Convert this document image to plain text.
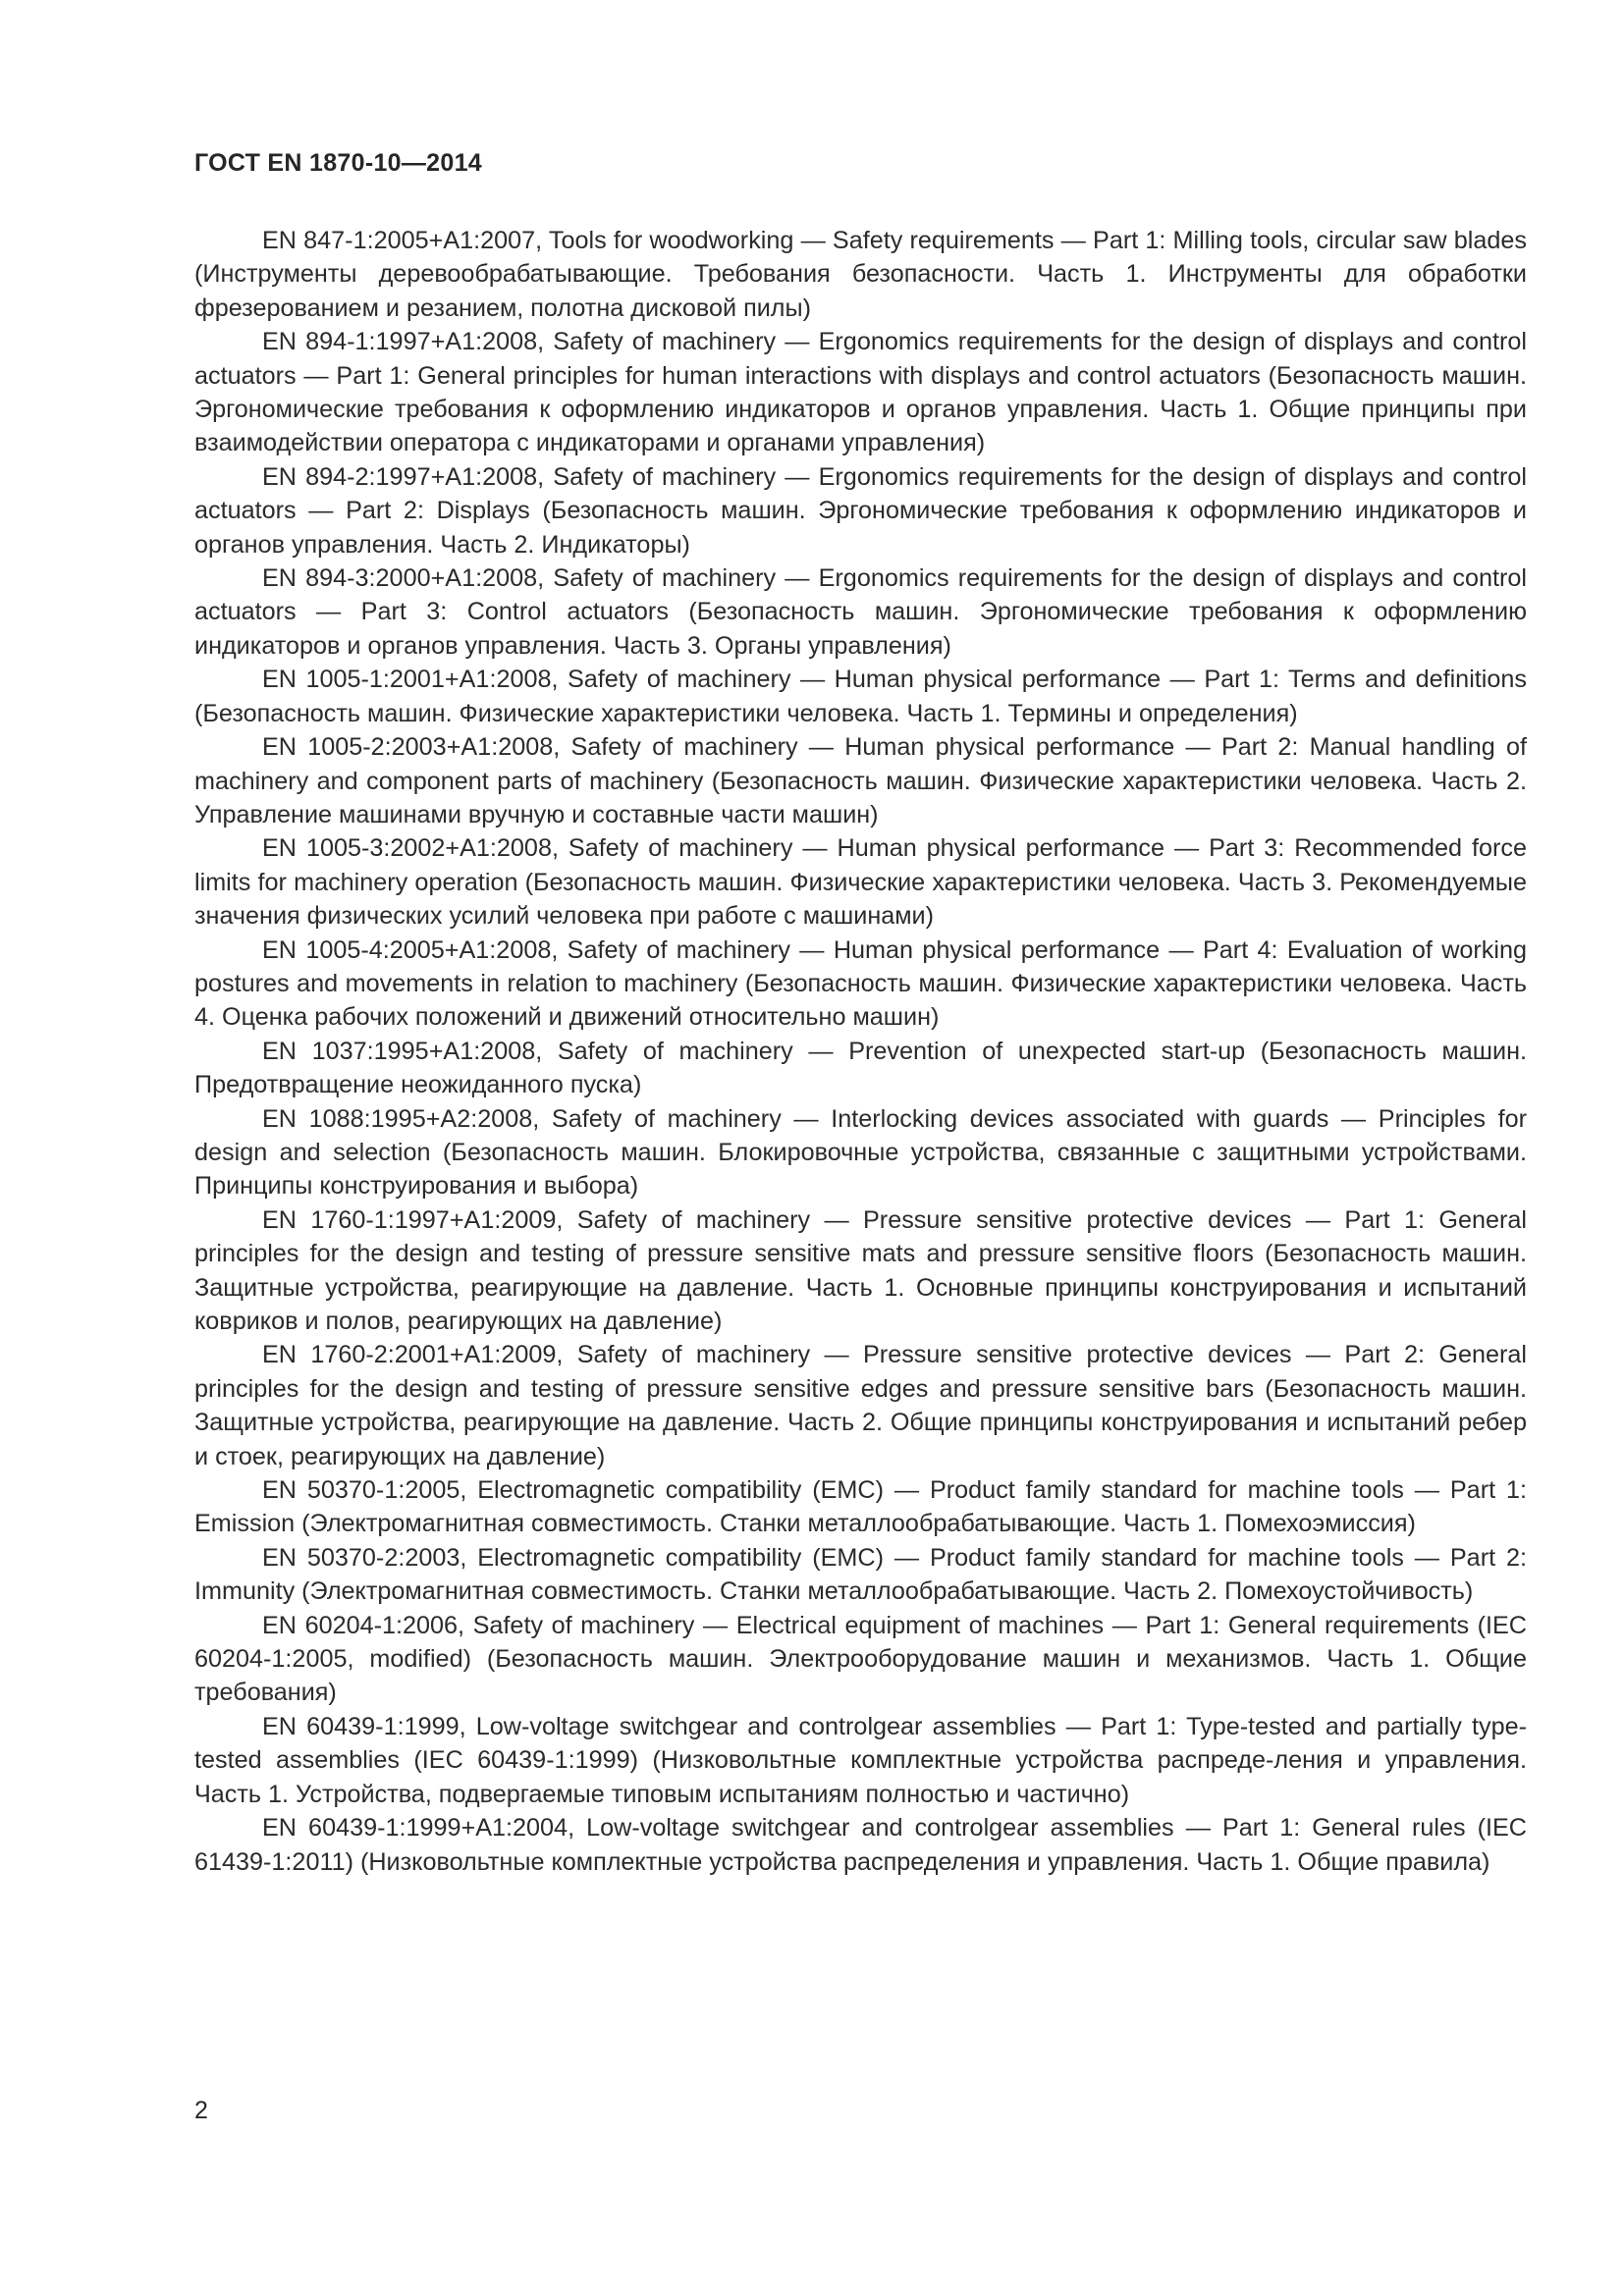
ГОСТ EN 1870-10—2014

EN 847-1:2005+A1:2007, Tools for woodworking — Safety requirements — Part 1: Milling tools, circular saw blades (Инструменты деревообрабатывающие. Требования безопасности. Часть 1. Инструменты для обработки фрезерованием и резанием, полотна дисковой пилы)

EN 894-1:1997+A1:2008, Safety of machinery — Ergonomics requirements for the design of displays and control actuators — Part 1: General principles for human interactions with displays and control actuators (Безопасность машин. Эргономические требования к оформлению индикаторов и органов управления. Часть 1. Общие принципы при взаимодействии оператора с индикаторами и органами управления)

EN 894-2:1997+A1:2008, Safety of machinery — Ergonomics requirements for the design of displays and control actuators — Part 2: Displays (Безопасность машин. Эргономические требования к оформлению индикаторов и органов управления. Часть 2. Индикаторы)

EN 894-3:2000+A1:2008, Safety of machinery — Ergonomics requirements for the design of displays and control actuators — Part 3: Control actuators (Безопасность машин. Эргономические требования к оформлению индикаторов и органов управления. Часть 3. Органы управления)

EN 1005-1:2001+A1:2008, Safety of machinery — Human physical performance — Part 1: Terms and definitions (Безопасность машин. Физические характеристики человека. Часть 1. Термины и определения)

EN 1005-2:2003+A1:2008, Safety of machinery — Human physical performance — Part 2: Manual handling of machinery and component parts of machinery (Безопасность машин. Физические характеристики человека. Часть 2. Управление машинами вручную и составные части машин)

EN 1005-3:2002+A1:2008, Safety of machinery — Human physical performance — Part 3: Recommended force limits for machinery operation (Безопасность машин. Физические характеристики человека. Часть 3. Рекомендуемые значения физических усилий человека при работе с машинами)

EN 1005-4:2005+A1:2008, Safety of machinery — Human physical performance — Part 4: Evaluation of working postures and movements in relation to machinery (Безопасность машин. Физические характеристики человека. Часть 4. Оценка рабочих положений и движений относительно машин)

EN 1037:1995+A1:2008, Safety of machinery — Prevention of unexpected start-up (Безопасность машин. Предотвращение неожиданного пуска)

EN 1088:1995+A2:2008, Safety of machinery — Interlocking devices associated with guards — Principles for design and selection (Безопасность машин. Блокировочные устройства, связанные с защитными устройствами. Принципы конструирования и выбора)

EN 1760-1:1997+A1:2009, Safety of machinery — Pressure sensitive protective devices — Part 1: General principles for the design and testing of pressure sensitive mats and pressure sensitive floors (Безопасность машин. Защитные устройства, реагирующие на давление. Часть 1. Основные принципы конструирования и испытаний ковриков и полов, реагирующих на давление)

EN 1760-2:2001+A1:2009, Safety of machinery — Pressure sensitive protective devices — Part 2: General principles for the design and testing of pressure sensitive edges and pressure sensitive bars (Безопасность машин. Защитные устройства, реагирующие на давление. Часть 2. Общие принципы конструирования и испытаний ребер и стоек, реагирующих на давление)

EN 50370-1:2005, Electromagnetic compatibility (EMC) — Product family standard for machine tools — Part 1: Emission (Электромагнитная совместимость. Станки металлообрабатывающие. Часть 1. Помехоэмиссия)

EN 50370-2:2003, Electromagnetic compatibility (EMC) — Product family standard for machine tools — Part 2: Immunity (Электромагнитная совместимость. Станки металлообрабатывающие. Часть 2. Помехоустойчивость)

EN 60204-1:2006, Safety of machinery — Electrical equipment of machines — Part 1: General requirements (IEC 60204-1:2005, modified) (Безопасность машин. Электрооборудование машин и механизмов. Часть 1. Общие требования)

EN 60439-1:1999, Low-voltage switchgear and controlgear assemblies — Part 1: Type-tested and partially type-tested assemblies (IEC 60439-1:1999) (Низковольтные комплектные устройства распреде-ления и управления. Часть 1. Устройства, подвергаемые типовым испытаниям полностью и частично)

EN 60439-1:1999+A1:2004, Low-voltage switchgear and controlgear assemblies — Part 1: General rules (IEC 61439-1:2011) (Низковольтные комплектные устройства распределения и управления. Часть 1. Общие правила)

2
